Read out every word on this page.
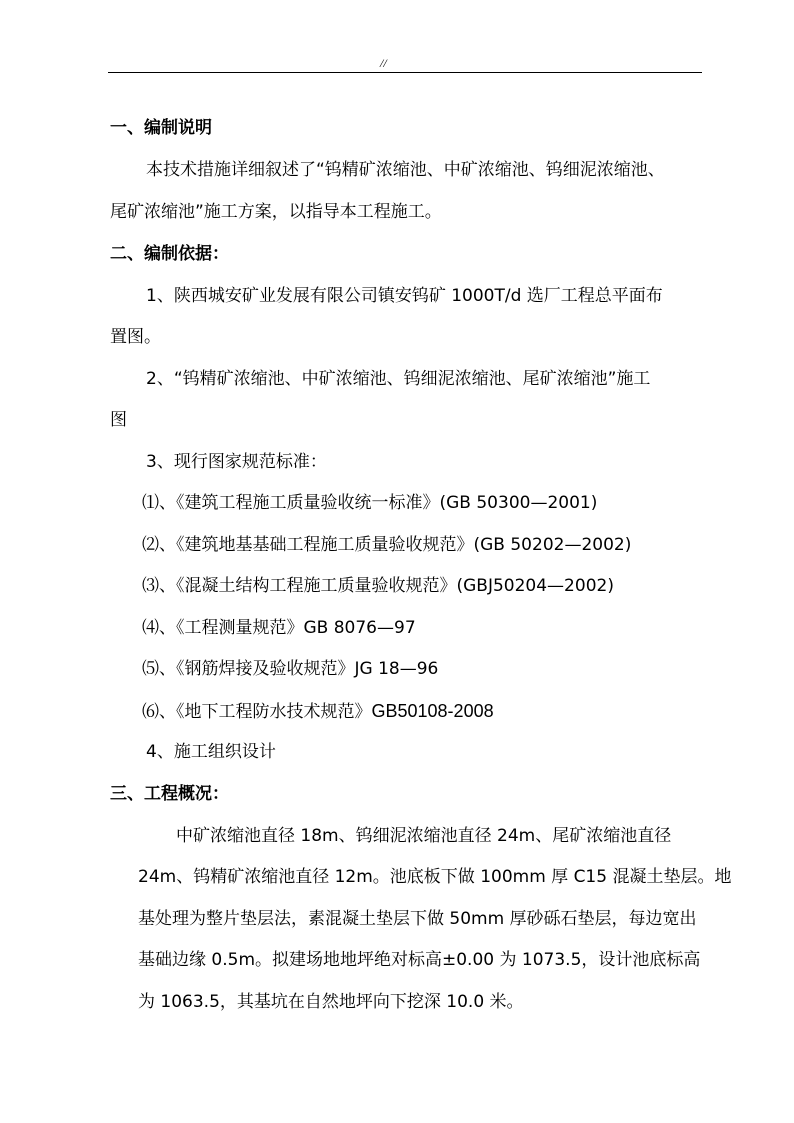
//
一、编制说明
本技术措施详细叙述了“钨精矿浓缩池、中矿浓缩池、钨细泥浓缩池、
尾矿浓缩池”施工方案，以指导本工程施工。
二、编制依据：
1、陕西城安矿业发展有限公司镇安钨矿 1000T/d 选厂工程总平面布
置图。
2、“钨精矿浓缩池、中矿浓缩池、钨细泥浓缩池、尾矿浓缩池”施工
图
3、现行图家规范标准：
⑴、《建筑工程施工质量验收统一标准》(GB 50300—2001)
⑵、《建筑地基基础工程施工质量验收规范》(GB 50202—2002)
⑶、《混凝土结构工程施工质量验收规范》(GBJ50204—2002)
⑷、《工程测量规范》GB 8076—97
⑸、《钢筋焊接及验收规范》JG 18—96
⑹、《地下工程防水技术规范》GB50108-2008
4、施工组织设计
三、工程概况：
中矿浓缩池直径 18m、钨细泥浓缩池直径 24m、尾矿浓缩池直径
24m、钨精矿浓缩池直径 12m。池底板下做 100mm 厚 C15 混凝土垫层。地
基处理为整片垫层法，素混凝土垫层下做 50mm 厚砂砾石垫层，每边宽出
基础边缘 0.5m。拟建场地地坪绝对标高±0.00 为 1073.5，设计池底标高
为 1063.5，其基坑在自然地坪向下挖深 10.0 米。
